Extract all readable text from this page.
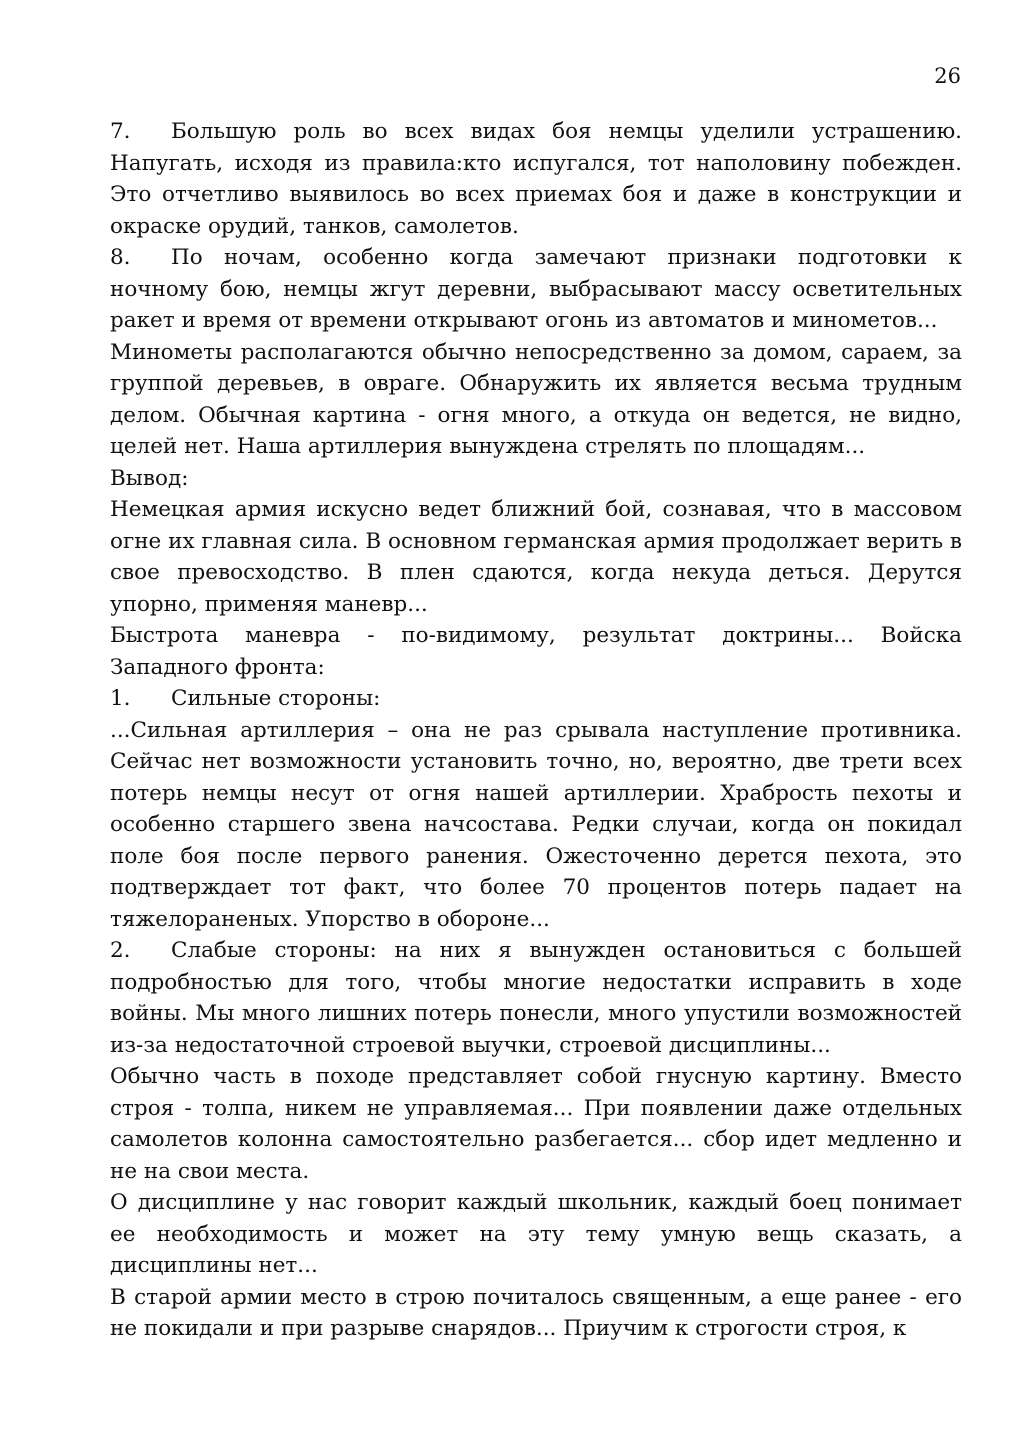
26

7. Большую роль во всех видах боя немцы уделили устрашению. Напугать, исходя из правила:кто испугался, тот наполовину побежден. Это отчетливо выявилось во всех приемах боя и даже в конструкции и окраске орудий, танков, самолетов.

8. По ночам, особенно когда замечают признаки подготовки к ночному бою, немцы жгут деревни, выбрасывают массу осветительных ракет и время от времени открывают огонь из автоматов и минометов...

Минометы располагаются обычно непосредственно за домом, сараем, за группой деревьев, в овраге. Обнаружить их является весьма трудным делом. Обычная картина - огня много, а откуда он ведется, не видно, целей нет. Наша артиллерия вынуждена стрелять по площадям...

Вывод:

Немецкая армия искусно ведет ближний бой, сознавая, что в массовом огне их главная сила. В основном германская армия продолжает верить в свое превосходство. В плен сдаются, когда некуда деться. Дерутся упорно, применяя маневр...

Быстрота маневра - по-видимому, результат доктрины... Войска Западного фронта:

1. Сильные стороны:

...Сильная артиллерия – она не раз срывала наступление противника. Сейчас нет возможности установить точно, но, вероятно, две трети всех потерь немцы несут от огня нашей артиллерии. Храбрость пехоты и особенно старшего звена начсостава. Редки случаи, когда он покидал поле боя после первого ранения. Ожесточенно дерется пехота, это подтверждает тот факт, что более 70 процентов потерь падает на тяжелораненых. Упорство в обороне...

2. Слабые стороны: на них я вынужден остановиться с большей подробностью для того, чтобы многие недостатки исправить в ходе войны. Мы много лишних потерь понесли, много упустили возможностей из-за недостаточной строевой выучки, строевой дисциплины...

Обычно часть в походе представляет собой гнусную картину. Вместо строя - толпа, никем не управляемая... При появлении даже отдельных самолетов колонна самостоятельно разбегается... сбор идет медленно и не на свои места.

О дисциплине у нас говорит каждый школьник, каждый боец понимает ее необходимость и может на эту тему умную вещь сказать, а дисциплины нет...

В старой армии место в строю почиталось священным, а еще ранее - его не покидали и при разрыве снарядов... Приучим к строгости строя, к
